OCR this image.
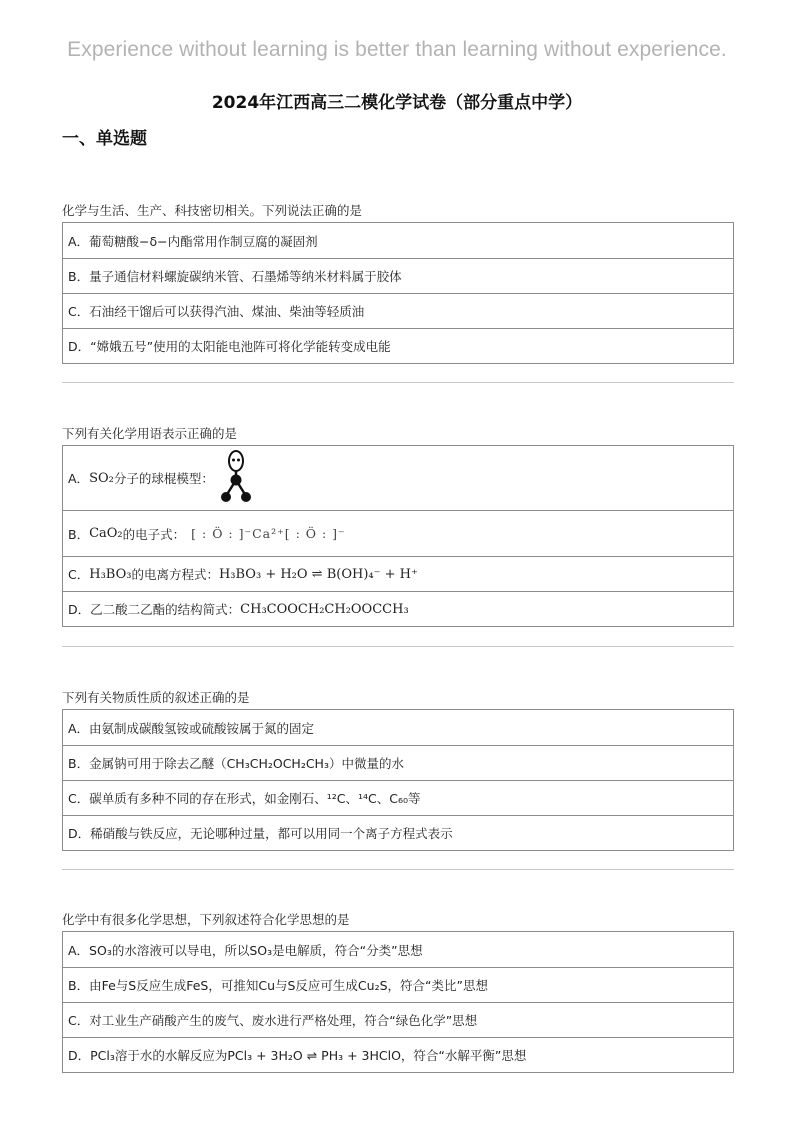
Experience without learning is better than learning without experience.
2024年江西高三二模化学试卷（部分重点中学）
一、单选题
化学与生活、生产、科技密切相关。下列说法正确的是
A．葡萄糖酸−δ−内酯常用作制豆腐的凝固剂
B．量子通信材料螺旋碳纳米管、石墨烯等纳米材料属于胶体
C．石油经干馏后可以获得汽油、煤油、柴油等轻质油
D．“嫦娥五号”使用的太阳能电池阵可将化学能转变成电能
下列有关化学用语表示正确的是
A． SO₂ 分子的球棍模型：
B． CaO₂ 的电子式： [ : Ö : ]⁻Ca²⁺[ : Ö : ]⁻
C． H₃BO₃ 的电离方程式： H₃BO₃ + H₂O ⇌ B(OH)₄⁻ + H⁺
D． 乙二酸二乙酯的结构简式： CH₃COOCH₂CH₂OOCCH₃
下列有关物质性质的叙述正确的是
A．由氨制成碳酸氢铵或硫酸铵属于氮的固定
B．金属钠可用于除去乙醚（CH₃CH₂OCH₂CH₃）中微量的水
C．碳单质有多种不同的存在形式，如金刚石、¹²C、¹⁴C、C₆₀等
D．稀硝酸与铁反应，无论哪种过量，都可以用同一个离子方程式表示
化学中有很多化学思想，下列叙述符合化学思想的是
A．SO₃的水溶液可以导电，所以SO₃是电解质，符合“分类”思想
B．由Fe与S反应生成FeS，可推知Cu与S反应可生成Cu₂S，符合“类比”思想
C．对工业生产硝酸产生的废气、废水进行严格处理，符合“绿色化学”思想
D．PCl₃溶于水的水解反应为PCl₃ + 3H₂O ⇌ PH₃ + 3HClO，符合“水解平衡”思想
